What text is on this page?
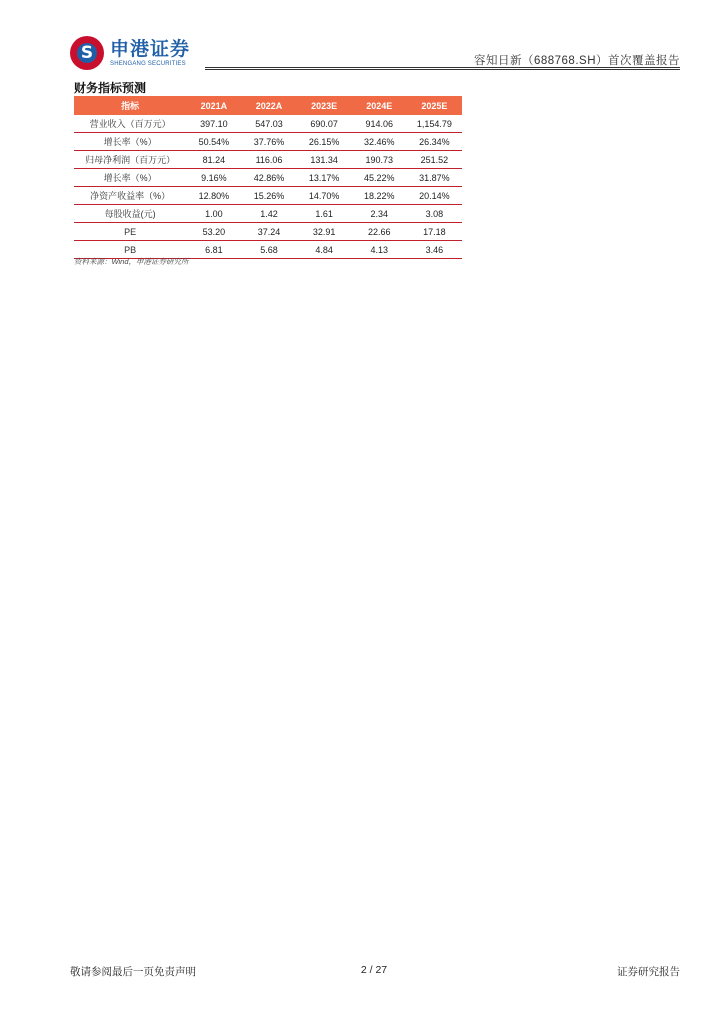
S
申港证券
SHENGANG SECURITIES	容知日新（688768.SH）首次覆盖报告
财务指标预测
指标	2021A	2022A	2023E	2024E	2025E
营业收入（百万元）	397.10	547.03	690.07	914.06	1,154.79
增长率（%）	50.54%	37.76%	26.15%	32.46%	26.34%
归母净利润（百万元）	81.24	116.06	131.34	190.73	251.52
增长率（%）	9.16%	42.86%	13.17%	45.22%	31.87%
净资产收益率（%）	12.80%	15.26%	14.70%	18.22%	20.14%
每股收益(元)	1.00	1.42	1.61	2.34	3.08
PE	53.20	37.24	32.91	22.66	17.18
PB	6.81	5.68	4.84	4.13	3.46
资料来源：Wind，申港证券研究所
敬请参阅最后一页免责声明	2 / 27	证券研究报告
